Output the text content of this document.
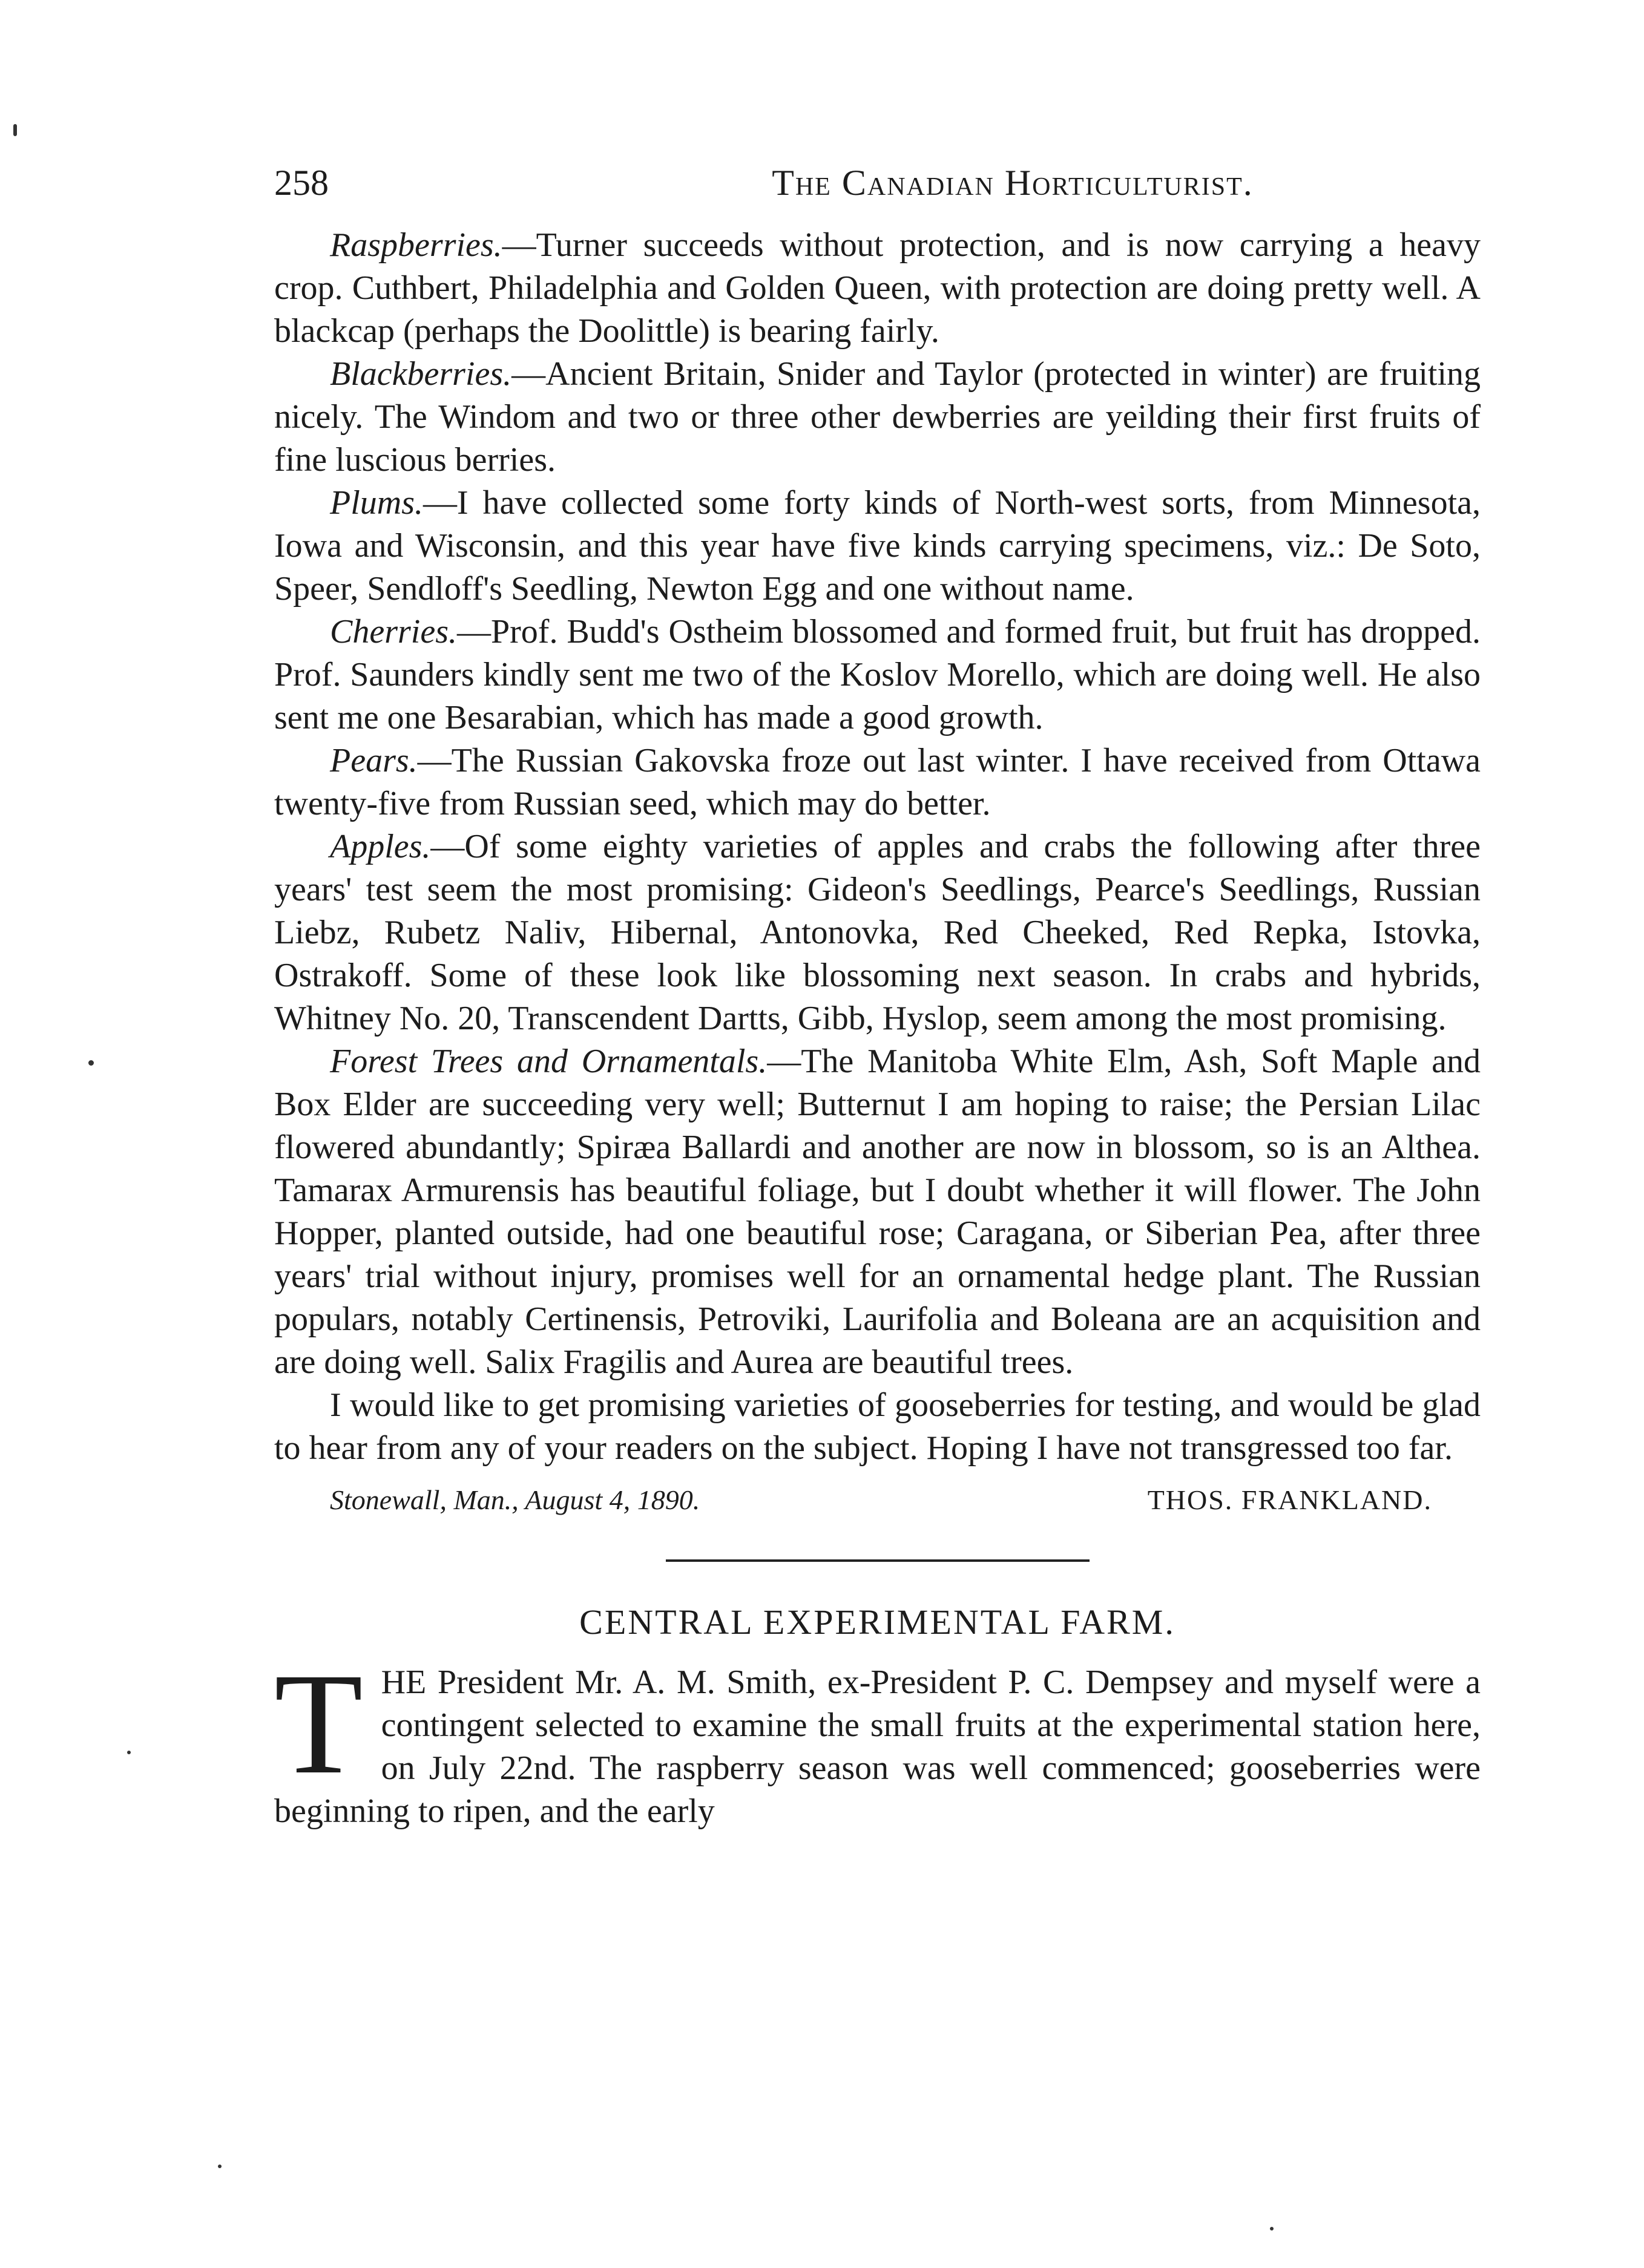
258	The Canadian Horticulturist.

Raspberries.—Turner succeeds without protection, and is now carrying a heavy crop. Cuthbert, Philadelphia and Golden Queen, with protection are doing pretty well. A blackcap (perhaps the Doolittle) is bearing fairly.

Blackberries.—Ancient Britain, Snider and Taylor (protected in winter) are fruiting nicely. The Windom and two or three other dewberries are yeilding their first fruits of fine luscious berries.

Plums.—I have collected some forty kinds of North-west sorts, from Minnesota, Iowa and Wisconsin, and this year have five kinds carrying specimens, viz.: De Soto, Speer, Sendloff's Seedling, Newton Egg and one without name.

Cherries.—Prof. Budd's Ostheim blossomed and formed fruit, but fruit has dropped. Prof. Saunders kindly sent me two of the Koslov Morello, which are doing well. He also sent me one Besarabian, which has made a good growth.

Pears.—The Russian Gakovska froze out last winter. I have received from Ottawa twenty-five from Russian seed, which may do better.

Apples.—Of some eighty varieties of apples and crabs the following after three years' test seem the most promising: Gideon's Seedlings, Pearce's Seedlings, Russian Liebz, Rubetz Naliv, Hibernal, Antonovka, Red Cheeked, Red Repka, Istovka, Ostrakoff. Some of these look like blossoming next season. In crabs and hybrids, Whitney No. 20, Transcendent Dartts, Gibb, Hyslop, seem among the most promising.

Forest Trees and Ornamentals.—The Manitoba White Elm, Ash, Soft Maple and Box Elder are succeeding very well; Butternut I am hoping to raise; the Persian Lilac flowered abundantly; Spiræa Ballardi and another are now in blossom, so is an Althea. Tamarax Armurensis has beautiful foliage, but I doubt whether it will flower. The John Hopper, planted outside, had one beautiful rose; Caragana, or Siberian Pea, after three years' trial without injury, promises well for an ornamental hedge plant. The Russian populars, notably Certinensis, Petroviki, Laurifolia and Boleana are an acquisition and are doing well. Salix Fragilis and Aurea are beautiful trees.

I would like to get promising varieties of gooseberries for testing, and would be glad to hear from any of your readers on the subject. Hoping I have not transgressed too far.

Stonewall, Man., August 4, 1890.	THOS. FRANKLAND.
CENTRAL EXPERIMENTAL FARM.

THE President Mr. A. M. Smith, ex-President P. C. Dempsey and myself were a contingent selected to examine the small fruits at the experimental station here, on July 22nd. The raspberry season was well commenced; gooseberries were beginning to ripen, and the early
